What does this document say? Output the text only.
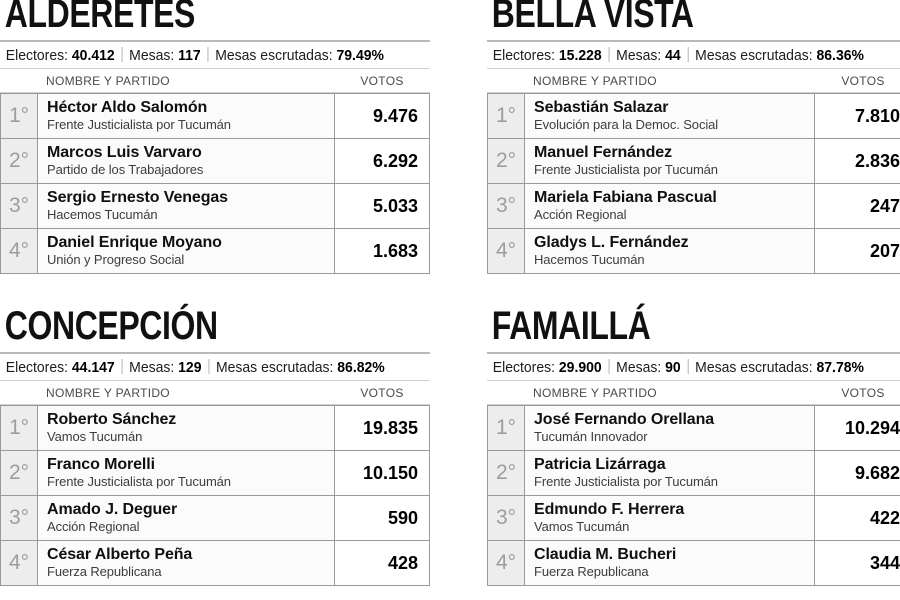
ALDERETES
Electores: 40.412 Mesas: 117 Mesas escrutadas: 79.49%
NOMBRE Y PARTIDO	VOTOS
1°	Héctor Aldo Salomón
Frente Justicialista por Tucumán	9.476
2°	Marcos Luis Varvaro
Partido de los Trabajadores	6.292
3°	Sergio Ernesto Venegas
Hacemos Tucumán	5.033
4°	Daniel Enrique Moyano
Unión y Progreso Social	1.683
BELLA VISTA
Electores: 15.228 Mesas: 44 Mesas escrutadas: 86.36%
NOMBRE Y PARTIDO	VOTOS
1°	Sebastián Salazar
Evolución para la Democ. Social	7.810
2°	Manuel Fernández
Frente Justicialista por Tucumán	2.836
3°	Mariela Fabiana Pascual
Acción Regional	247
4°	Gladys L. Fernández
Hacemos Tucumán	207
CONCEPCIÓN
Electores: 44.147 Mesas: 129 Mesas escrutadas: 86.82%
NOMBRE Y PARTIDO	VOTOS
1°	Roberto Sánchez
Vamos Tucumán	19.835
2°	Franco Morelli
Frente Justicialista por Tucumán	10.150
3°	Amado J. Deguer
Acción Regional	590
4°	César Alberto Peña
Fuerza Republicana	428
FAMAILLÁ
Electores: 29.900 Mesas: 90 Mesas escrutadas: 87.78%
NOMBRE Y PARTIDO	VOTOS
1°	José Fernando Orellana
Tucumán Innovador	10.294
2°	Patricia Lizárraga
Frente Justicialista por Tucumán	9.682
3°	Edmundo F. Herrera
Vamos Tucumán	422
4°	Claudia M. Bucheri
Fuerza Republicana	344
